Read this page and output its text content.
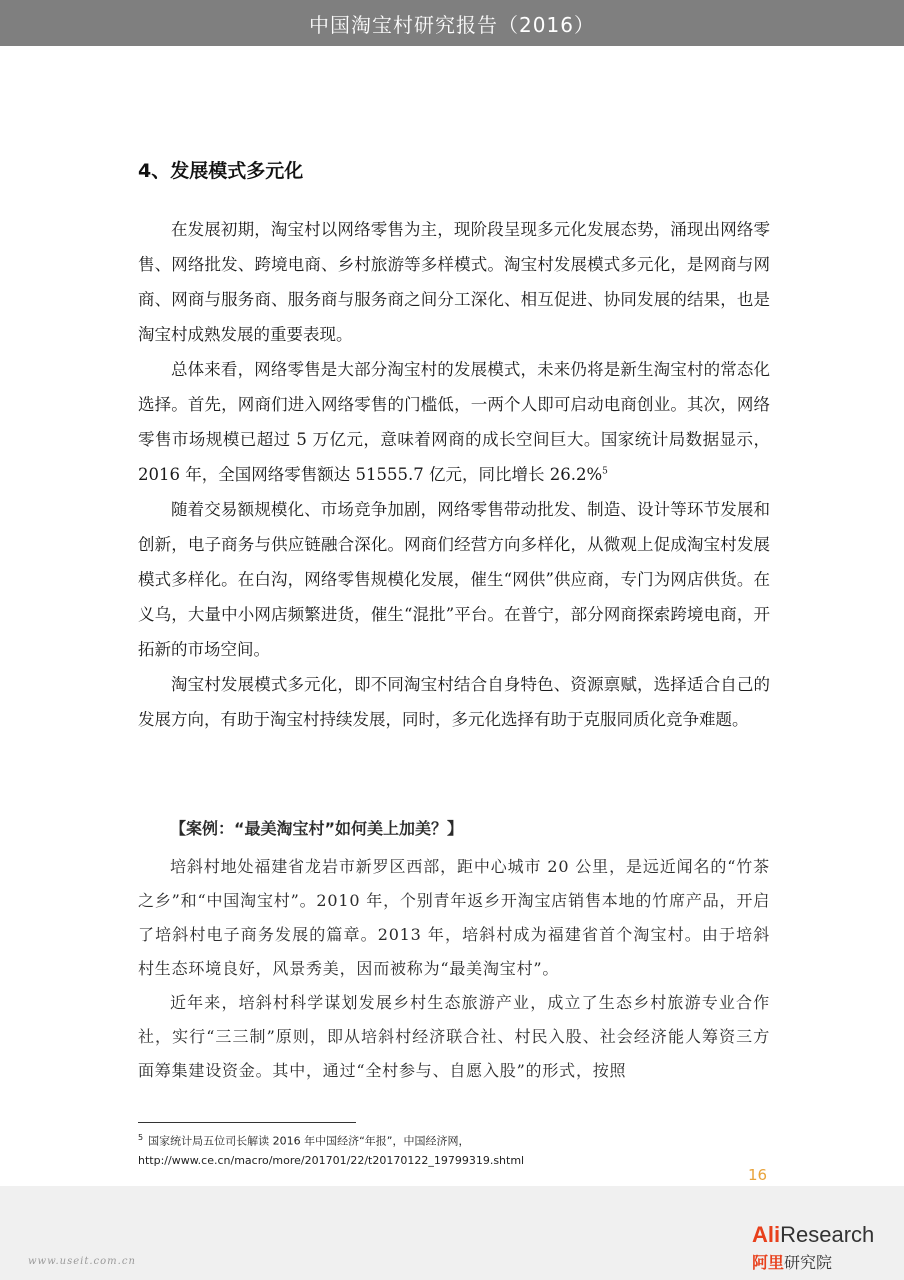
中国淘宝村研究报告（2016）
4、发展模式多元化

在发展初期，淘宝村以网络零售为主，现阶段呈现多元化发展态势，涌现出网络零售、网络批发、跨境电商、乡村旅游等多样模式。淘宝村发展模式多元化，是网商与网商、网商与服务商、服务商与服务商之间分工深化、相互促进、协同发展的结果，也是淘宝村成熟发展的重要表现。

总体来看，网络零售是大部分淘宝村的发展模式，未来仍将是新生淘宝村的常态化选择。首先，网商们进入网络零售的门槛低，一两个人即可启动电商创业。其次，网络零售市场规模已超过 5 万亿元，意味着网商的成长空间巨大。国家统计局数据显示，2016 年，全国网络零售额达 51555.7 亿元，同比增长 26.2%$^5$

随着交易额规模化、市场竞争加剧，网络零售带动批发、制造、设计等环节发展和创新，电子商务与供应链融合深化。网商们经营方向多样化，从微观上促成淘宝村发展模式多样化。在白沟，网络零售规模化发展，催生“网供”供应商，专门为网店供货。在义乌，大量中小网店频繁进货，催生“混批”平台。在普宁，部分网商探索跨境电商，开拓新的市场空间。

淘宝村发展模式多元化，即不同淘宝村结合自身特色、资源禀赋，选择适合自己的发展方向，有助于淘宝村持续发展，同时，多元化选择有助于克服同质化竞争难题。

【案例：“最美淘宝村”如何美上加美？】

培斜村地处福建省龙岩市新罗区西部，距中心城市 20 公里，是远近闻名的“竹茶之乡”和“中国淘宝村”。2010 年，个别青年返乡开淘宝店销售本地的竹席产品，开启了培斜村电子商务发展的篇章。2013 年，培斜村成为福建省首个淘宝村。由于培斜村生态环境良好，风景秀美，因而被称为“最美淘宝村”。

近年来，培斜村科学谋划发展乡村生态旅游产业，成立了生态乡村旅游专业合作社，实行“三三制”原则，即从培斜村经济联合社、村民入股、社会经济能人筹资三方面筹集建设资金。其中，通过“全村参与、自愿入股”的形式，按照

$^5$ 国家统计局五位司长解读 2016 年中国经济“年报”，中国经济网，
http://www.ce.cn/macro/more/201701/22/t20170122_19799319.shtml
16
www.useit.com.cn
AliResearch
阿里研究院
